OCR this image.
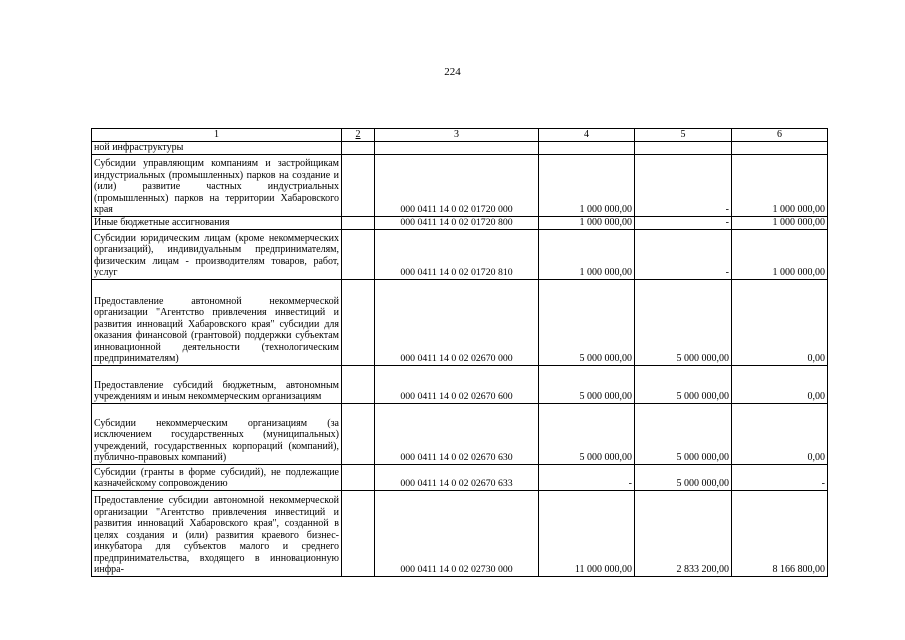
224
1	2	3	4	5	6
ной инфраструктуры					
Субсидии управляющим компаниям и застройщикам индустриальных (промышленных) парков на создание и (или) развитие частных индустриальных (промышленных) парков на территории Хабаровского края		000 0411 14 0 02 01720 000	1 000 000,00	-	1 000 000,00
Иные бюджетные ассигнования		000 0411 14 0 02 01720 800	1 000 000,00	-	1 000 000,00
Субсидии юридическим лицам (кроме некоммерческих организаций), индивидуальным предпринимателям, физическим лицам - производителям товаров, работ, услуг		000 0411 14 0 02 01720 810	1 000 000,00	-	1 000 000,00
Предоставление автономной некоммерческой организации "Агентство привлечения инвестиций и развития инноваций Хабаровского края" субсидии для оказания финансовой (грантовой) поддержки субъектам инновационной деятельности (технологическим предпринимателям)		000 0411 14 0 02 02670 000	5 000 000,00	5 000 000,00	0,00
Предоставление субсидий бюджетным, автономным учреждениям и иным некоммерческим организациям		000 0411 14 0 02 02670 600	5 000 000,00	5 000 000,00	0,00
Субсидии некоммерческим организациям (за исключением государственных (муниципальных) учреждений, государственных корпораций (компаний), публично-правовых компаний)		000 0411 14 0 02 02670 630	5 000 000,00	5 000 000,00	0,00
Субсидии (гранты в форме субсидий), не подлежащие казначейскому сопровождению		000 0411 14 0 02 02670 633	-	5 000 000,00	-
Предоставление субсидии автономной некоммерческой организации "Агентство привлечения инвестиций и развития инноваций Хабаровского края", созданной в целях создания и (или) развития краевого бизнес-инкубатора для субъектов малого и среднего предпринимательства, входящего в инновационную инфра-		000 0411 14 0 02 02730 000	11 000 000,00	2 833 200,00	8 166 800,00
